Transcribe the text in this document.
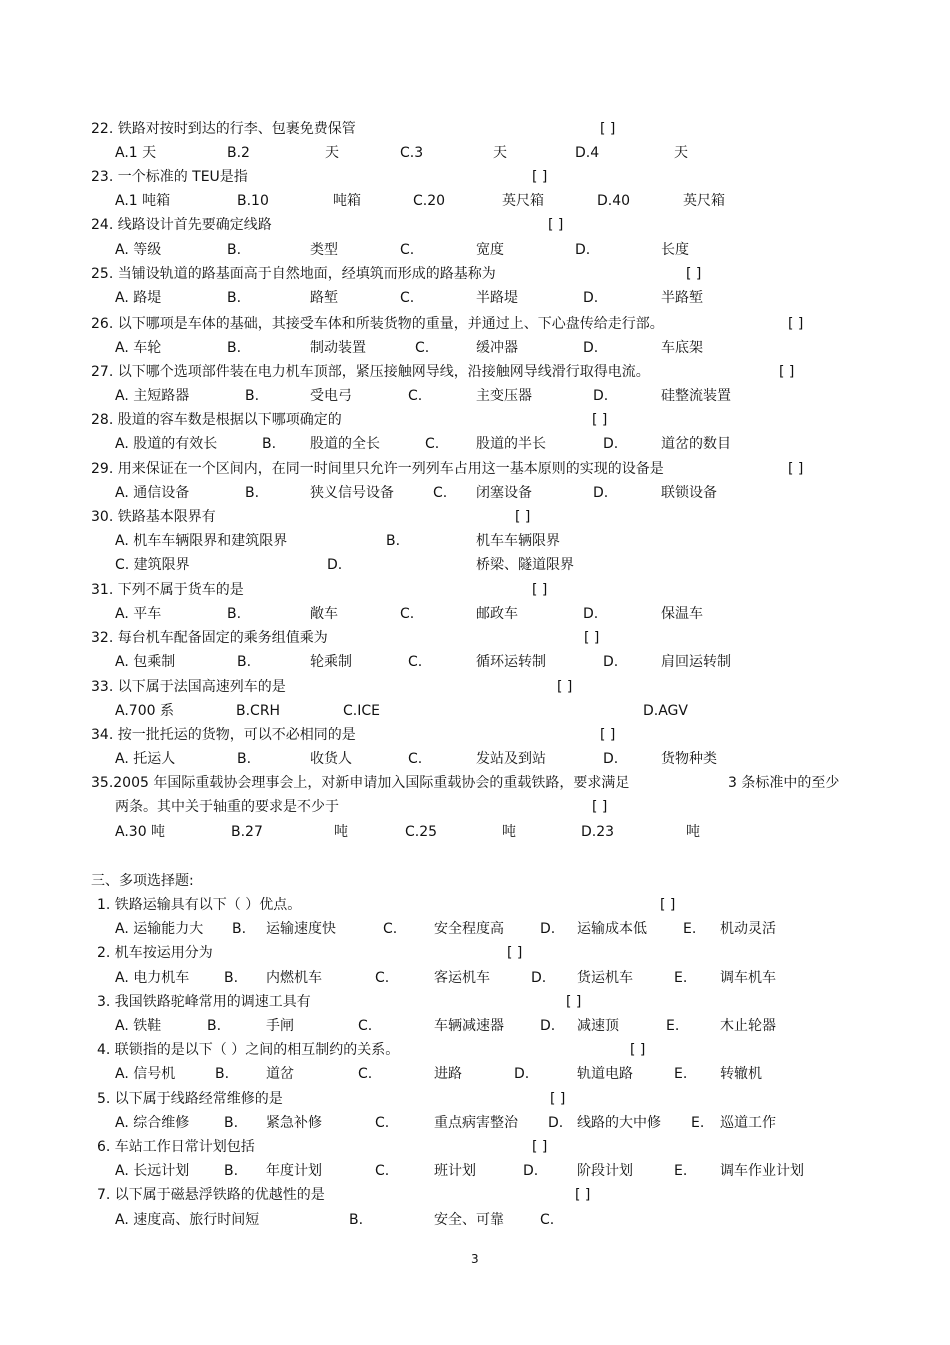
22. 铁路对按时到达的行李、包裹免费保管	[ ]
A.1 天	B.2	天	C.3	天	D.4	天
23. 一个标准的 TEU是指	[ ]
A.1 吨箱	B.10	吨箱	C.20	英尺箱	D.40	英尺箱
24. 线路设计首先要确定线路	[ ]
A. 等级	B.	类型	C.	宽度	D.	长度
25. 当铺设轨道的路基面高于自然地面，经填筑而形成的路基称为	[ ]
A. 路堤	B.	路堑	C.	半路堤	D.	半路堑
26. 以下哪项是车体的基础，其接受车体和所装货物的重量，并通过上、下心盘传给走行部。	[ ]
A. 车轮	B.	制动装置	C.	缓冲器	D.	车底架
27. 以下哪个选项部件装在电力机车顶部，紧压接触网导线，沿接触网导线滑行取得电流。	[ ]
A. 主短路器	B.	受电弓	C.	主变压器	D.	硅整流装置
28. 股道的容车数是根据以下哪项确定的	[ ]
A. 股道的有效长	B. 股道的全长	C.	股道的半长	D.	道岔的数目
29. 用来保证在一个区间内，在同一时间里只允许一列列车占用这一基本原则的实现的设备是	[ ]
A. 通信设备	B.	狭义信号设备	C. 闭塞设备	D.	联锁设备
30. 铁路基本限界有	[ ]
A. 机车车辆限界和建筑限界	B.	机车车辆限界
C. 建筑限界	D.	桥梁、隧道限界
31. 下列不属于货车的是	[ ]
A. 平车	B.	敞车	C.	邮政车	D.	保温车
32. 每台机车配备固定的乘务组值乘为	[ ]
A. 包乘制	B.	轮乘制	C.	循环运转制	D.	肩回运转制
33. 以下属于法国高速列车的是	[ ]
A.700 系	B.CRH	C.ICE	D.AGV
34. 按一批托运的货物，可以不必相同的是	[ ]
A. 托运人	B.	收货人	C.	发站及到站	D.	货物种类
35.2005 年国际重载协会理事会上，对新申请加入国际重载协会的重载铁路，要求满足	3 条标准中的至少
两条。其中关于轴重的要求是不少于	[ ]
A.30 吨	B.27	吨	C.25	吨	D.23	吨
三、多项选择题:
1. 铁路运输具有以下（ ）优点。	[ ]
A. 运输能力大 B. 运输速度快	C.	安全程度高	D. 运输成本低	E. 机动灵活
2. 机车按运用分为	[ ]
A. 电力机车 B. 内燃机车	C.	客运机车	D. 货运机车	E. 调车机车
3. 我国铁路驼峰常用的调速工具有	[ ]
A. 铁鞋	B.	手闸	C.	车辆减速器	D. 减速顶	E.	木止轮器
4. 联锁指的是以下（ ）之间的相互制约的关系。	[ ]
A. 信号机	B.	道岔	C.	进路	D.	轨道电路	E. 转辙机
5. 以下属于线路经常维修的是	[ ]
A. 综合维修 B. 紧急补修	C.	重点病害整治 D. 线路的大中修 E. 巡道工作
6. 车站工作日常计划包括	[ ]
A. 长远计划 B. 年度计划	C.	班计划	D.	阶段计划	E. 调车作业计划
7. 以下属于磁悬浮铁路的优越性的是	[ ]
A. 速度高、旅行时间短	B.	安全、可靠	C.
3
